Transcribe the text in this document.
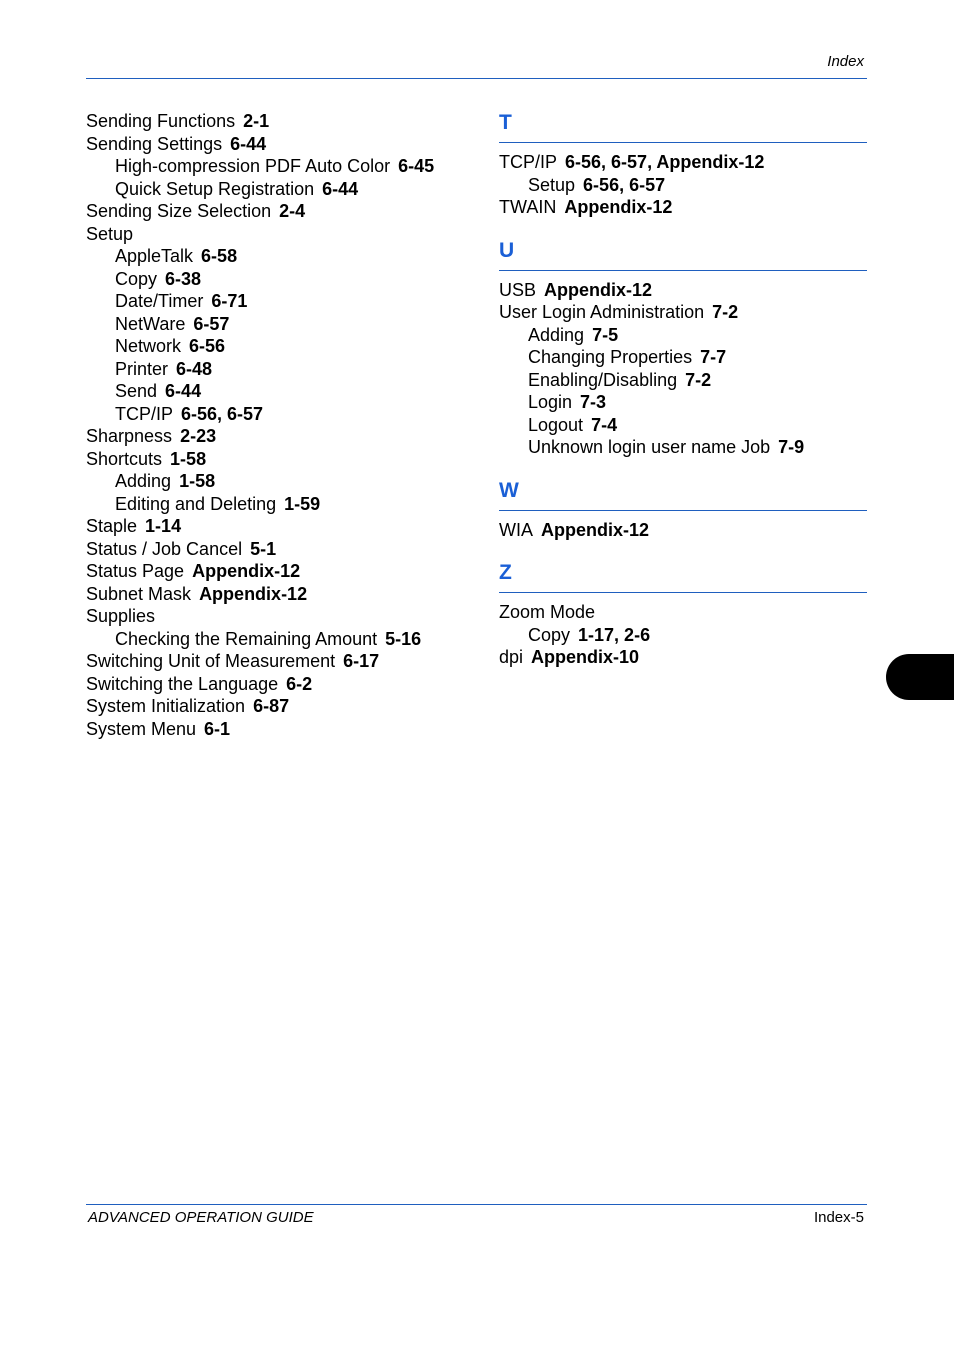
Index
Sending Functions 2-1
Sending Settings 6-44
High-compression PDF Auto Color 6-45
Quick Setup Registration 6-44
Sending Size Selection 2-4
Setup
AppleTalk 6-58
Copy 6-38
Date/Timer 6-71
NetWare 6-57
Network 6-56
Printer 6-48
Send 6-44
TCP/IP 6-56, 6-57
Sharpness 2-23
Shortcuts 1-58
Adding 1-58
Editing and Deleting 1-59
Staple 1-14
Status / Job Cancel 5-1
Status Page Appendix-12
Subnet Mask Appendix-12
Supplies
Checking the Remaining Amount 5-16
Switching Unit of Measurement 6-17
Switching the Language 6-2
System Initialization 6-87
System Menu 6-1
T
TCP/IP 6-56, 6-57, Appendix-12
Setup 6-56, 6-57
TWAIN Appendix-12
U
USB Appendix-12
User Login Administration 7-2
Adding 7-5
Changing Properties 7-7
Enabling/Disabling 7-2
Login 7-3
Logout 7-4
Unknown login user name Job 7-9
W
WIA Appendix-12
Z
Zoom Mode
Copy 1-17, 2-6
dpi Appendix-10
ADVANCED OPERATION GUIDE	Index-5
